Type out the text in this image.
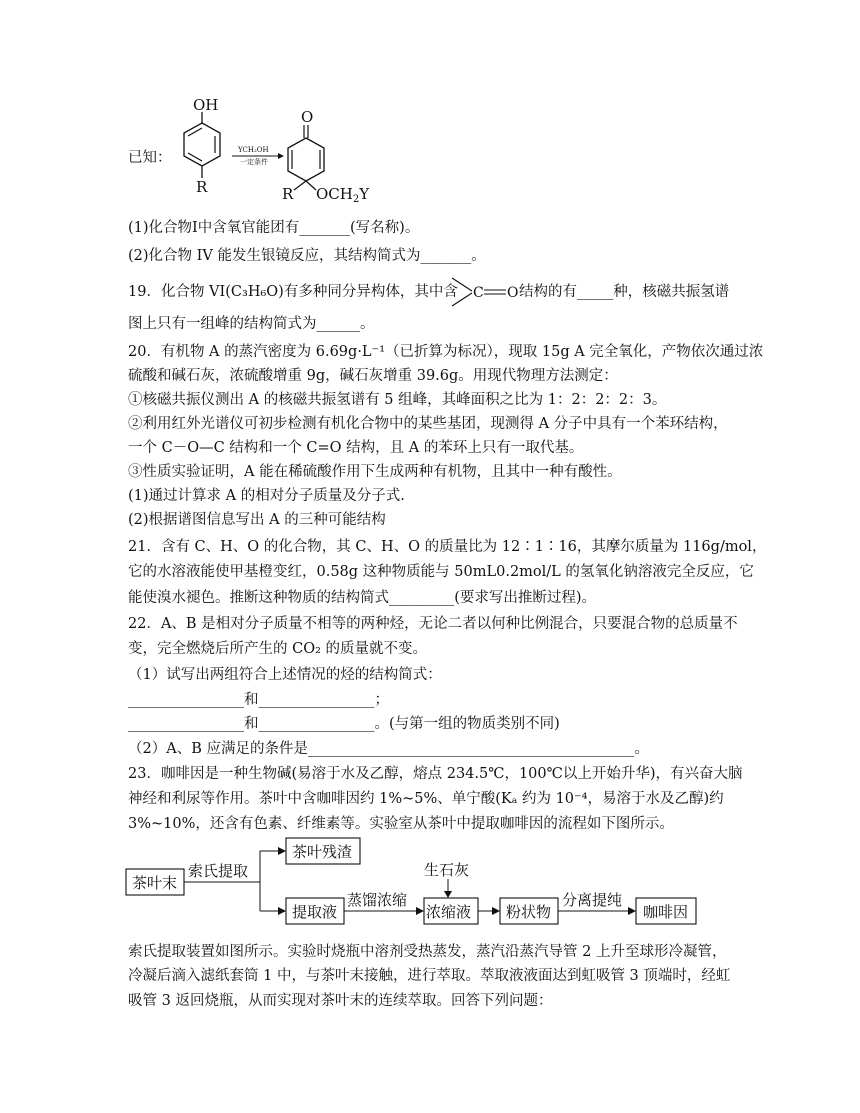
已知：
OH
R
YCH₂OH
一定条件
O
R $OCH_2Y$
(1)化合物I中含氧官能团有_______(写名称)。
(2)化合物 IV 能发生银镜反应，其结构简式为_______。
19．化合物 VI(C₃H₆O)有多种同分异构体，其中含 C O 结构的有_____种，核磁共振氢谱
图上只有一组峰的结构简式为______。
20．有机物 A 的蒸汽密度为 6.69g·L⁻¹（已折算为标况），现取 15g A 完全氧化，产物依次通过浓
硫酸和碱石灰，浓硫酸增重 9g，碱石灰增重 39.6g。用现代物理方法测定：
①核磁共振仪测出 A 的核磁共振氢谱有 5 组峰，其峰面积之比为 1：2：2：2：3。
②利用红外光谱仪可初步检测有机化合物中的某些基团，现测得 A 分子中具有一个苯环结构，
一个 C－O—C 结构和一个 C=O 结构，且 A 的苯环上只有一取代基。
③性质实验证明，A 能在稀硫酸作用下生成两种有机物，且其中一种有酸性。
(1)通过计算求 A 的相对分子质量及分子式.
(2)根据谱图信息写出 A 的三种可能结构
21．含有 C、H、O 的化合物，其 C、H、O 的质量比为 12∶1∶16，其摩尔质量为 116g/mol，
它的水溶液能使甲基橙变红，0.58g 这种物质能与 50mL0.2mol/L 的氢氧化钠溶液完全反应，它
能使溴水褪色。推断这种物质的结构简式_________(要求写出推断过程)。
22．A、B 是相对分子质量不相等的两种烃，无论二者以何种比例混合，只要混合物的总质量不
变，完全燃烧后所产生的 CO₂ 的质量就不变。
（1）试写出两组符合上述情况的烃的结构简式：
________________和________________；
________________和________________。(与第一组的物质类别不同)
（2）A、B 应满足的条件是_____________________________________________。
23．咖啡因是一种生物碱(易溶于水及乙醇，熔点 234.5℃，100℃以上开始升华)，有兴奋大脑
神经和利尿等作用。茶叶中含咖啡因约 1%~5%、单宁酸(Kₐ 约为 10⁻⁴，易溶于水及乙醇)约
3%~10%，还含有色素、纤维素等。实验室从茶叶中提取咖啡因的流程如下图所示。
茶叶末
索氏提取
茶叶残渣
提取液
蒸馏浓缩
生石灰
浓缩液 粉状物
分离提纯
咖啡因
索氏提取装置如图所示。实验时烧瓶中溶剂受热蒸发，蒸汽沿蒸汽导管 2 上升至球形冷凝管，
冷凝后滴入滤纸套筒 1 中，与茶叶末接触，进行萃取。萃取液液面达到虹吸管 3 顶端时，经虹
吸管 3 返回烧瓶，从而实现对茶叶末的连续萃取。回答下列问题：
